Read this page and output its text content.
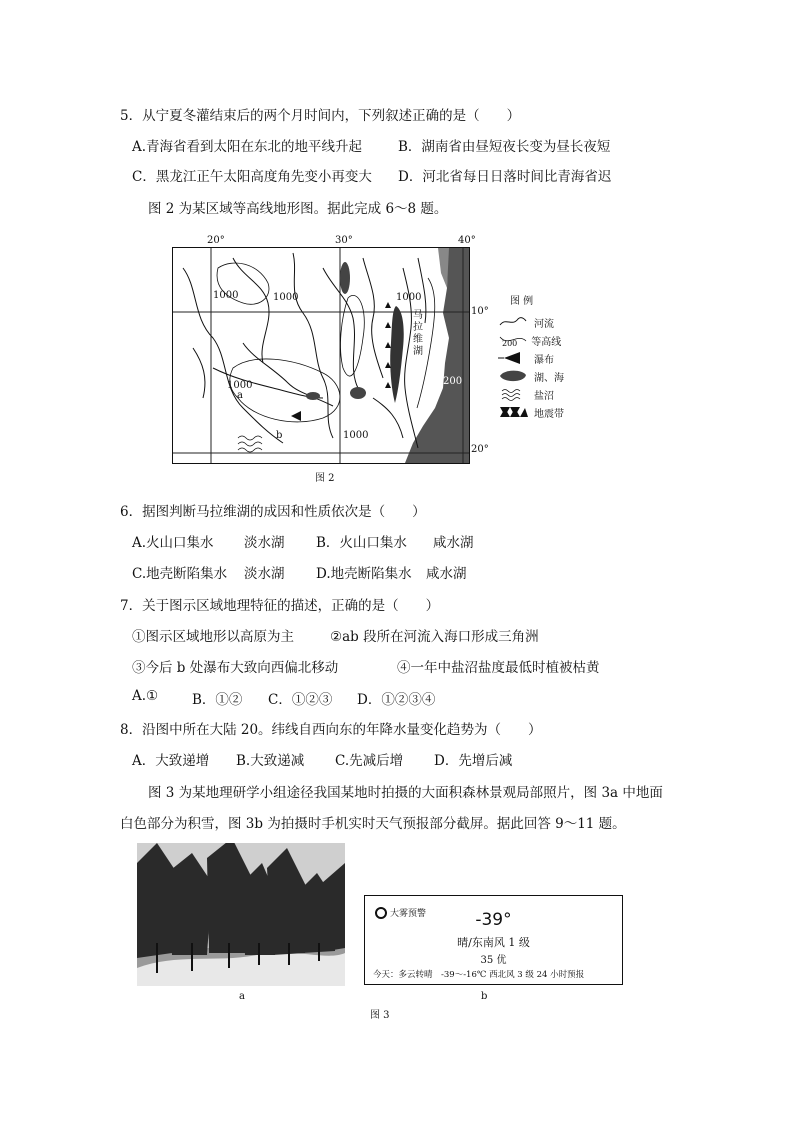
5．从宁夏冬灌结束后的两个月时间内，下列叙述正确的是（　　）
A.青海省看到太阳在东北的地平线升起	B．湖南省由昼短夜长变为昼长夜短
C．黑龙江正午太阳高度角先变小再变大 D．河北省每日日落时间比青海省迟
图 2 为某区域等高线地形图。据此完成 6～8 题。
20°	30°	40°
10°
20°
1000	1000	1000
1000
1000
200
马
拉
维
湖
a
b
图 例
河流
200 等高线
瀑布
湖、海
盐沼
地震带
图 2
6．据图判断马拉维湖的成因和性质依次是（　　）
A.火山口集水 淡水湖 B．火山口集水 咸水湖
C.地壳断陷集水 淡水湖 D.地壳断陷集水 咸水湖
7．关于图示区域地理特征的描述，正确的是（　　）
①图示区域地形以高原为主	②ab 段所在河流入海口形成三角洲
③今后 b 处瀑布大致向西偏北移动	④一年中盐沼盐度最低时植被枯黄
A.①	B．①② C．①②③ D．①②③④
8．沿图中所在大陆 20。纬线自西向东的年降水量变化趋势为（　　）
A．大致递增 B.大致递减 C.先减后增 D．先增后减
图 3 为某地理研学小组途径我国某地时拍摄的大面积森林景观局部照片，图 3a 中地面
白色部分为积雪，图 3b 为拍摄时手机实时天气预报部分截屏。据此回答 9～11 题。
a
大雾预警	-39°
晴/东南风 1 级
35 优
今天：多云转晴　-39～-16℃ 西北风 3 级 24 小时预报
b
图 3
